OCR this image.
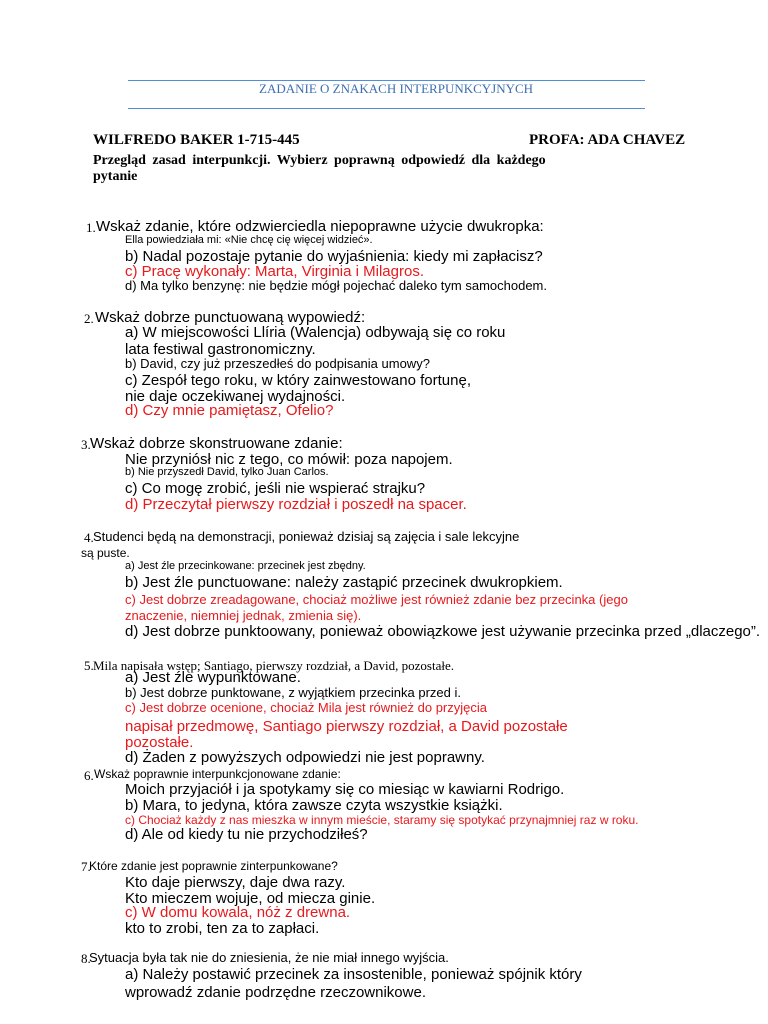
ZADANIE O ZNAKACH INTERPUNKCYJNYCH
WILFREDO BAKER 1-715-445	PROFA: ADA CHAVEZ
Przegląd zasad interpunkcji. Wybierz poprawną odpowiedź dla każdego
pytanie
1. Wskaż zdanie, które odzwierciedla niepoprawne użycie dwukropka:
Ella powiedziała mi: «Nie chcę cię więcej widzieć».
b) Nadal pozostaje pytanie do wyjaśnienia: kiedy mi zapłacisz?
c) Pracę wykonały: Marta, Virginia i Milagros.
d) Ma tylko benzynę: nie będzie mógł pojechać daleko tym samochodem.
2. Wskaż dobrze punctuowaną wypowiedź:
a) W miejscowości Llíria (Walencja) odbywają się co roku
lata festiwal gastronomiczny.
b) David, czy już przeszedłeś do podpisania umowy?
c) Zespół tego roku, w który zainwestowano fortunę,
nie daje oczekiwanej wydajności.
d) Czy mnie pamiętasz, Ofelio?
3. Wskaż dobrze skonstruowane zdanie:
Nie przyniósł nic z tego, co mówił: poza napojem.
b) Nie przyszedł David, tylko Juan Carlos.
c) Co mogę zrobić, jeśli nie wspierać strajku?
d) Przeczytał pierwszy rozdział i poszedł na spacer.
4. Studenci będą na demonstracji, ponieważ dzisiaj są zajęcia i sale lekcyjne
są puste.
a) Jest źle przecinkowane: przecinek jest zbędny.
b) Jest źle punctuowane: należy zastąpić przecinek dwukropkiem.
c) Jest dobrze zreadagowane, chociaż możliwe jest również zdanie bez przecinka (jego
znaczenie, niemniej jednak, zmienia się).
d) Jest dobrze punktoowany, ponieważ obowiązkowe jest używanie przecinka przed „dlaczego”.
5. Mila napisała wstęp; Santiago, pierwszy rozdział, a David, pozostałe.
a) Jest źle wypunktowane.
b) Jest dobrze punktowane, z wyjątkiem przecinka przed i.
c) Jest dobrze ocenione, chociaż Mila jest również do przyjęcia
napisał przedmowę, Santiago pierwszy rozdział, a David pozostałe
pozostałe.
d) Żaden z powyższych odpowiedzi nie jest poprawny.
6. Wskaż poprawnie interpunkcjonowane zdanie:
Moich przyjaciół i ja spotykamy się co miesiąc w kawiarni Rodrigo.
b) Mara, to jedyna, która zawsze czyta wszystkie książki.
c) Chociaż każdy z nas mieszka w innym mieście, staramy się spotykać przynajmniej raz w roku.
d) Ale od kiedy tu nie przychodziłeś?
7.
Które zdanie jest poprawnie zinterpunkowane?
Kto daje pierwszy, daje dwa razy.
Kto mieczem wojuje, od miecza ginie.
c) W domu kowala, nóż z drewna.
kto to zrobi, ten za to zapłaci.
8.
Sytuacja była tak nie do zniesienia, że nie miał innego wyjścia.
a) Należy postawić przecinek za insostenible, ponieważ spójnik który
wprowadź zdanie podrzędne rzeczownikowe.
